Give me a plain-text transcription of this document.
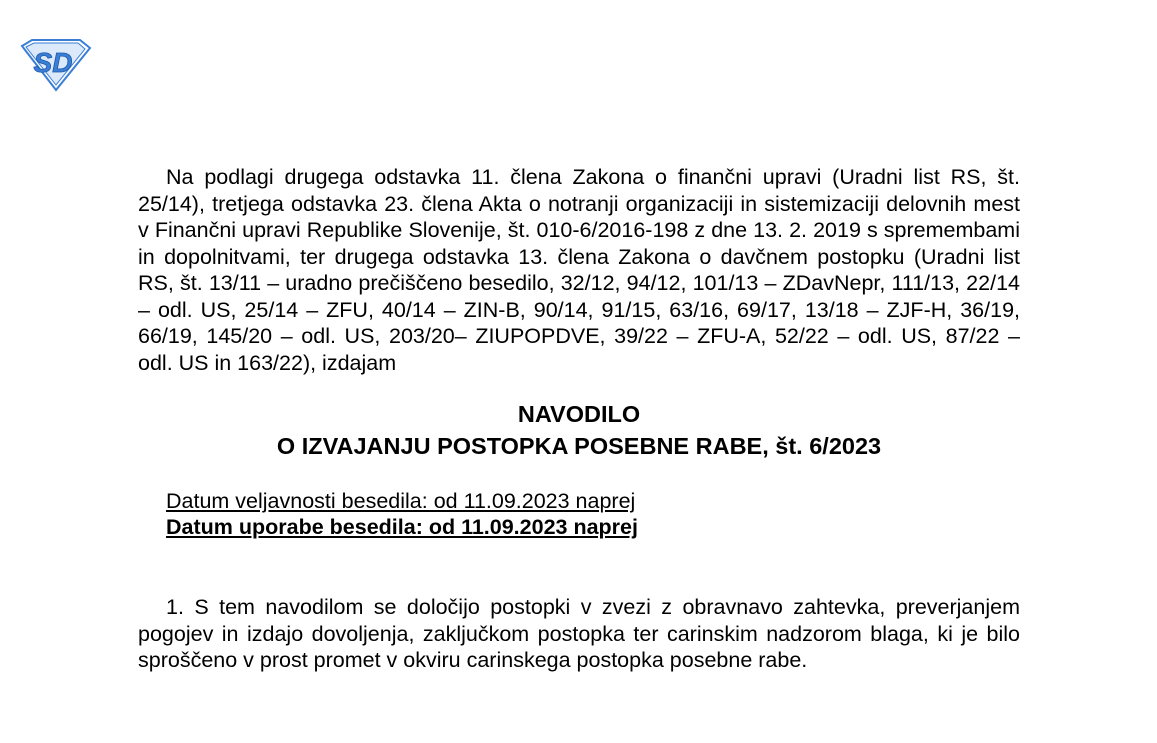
SD

Na podlagi drugega odstavka 11. člena Zakona o finančni upravi (Uradni list RS, št. 25/14), tretjega odstavka 23. člena Akta o notranji organizaciji in sistemizaciji delovnih mest v Finančni upravi Republike Slovenije, št. 010-6/2016-198 z dne 13. 2. 2019 s spremembami in dopolnitvami, ter drugega odstavka 13. člena Zakona o davčnem postopku (Uradni list RS, št. 13/11 – uradno prečiščeno besedilo, 32/12, 94/12, 101/13 – ZDavNepr, 111/13, 22/14 – odl. US, 25/14 – ZFU, 40/14 – ZIN-B, 90/14, 91/15, 63/16, 69/17, 13/18 – ZJF-H, 36/19, 66/19, 145/20 – odl. US, 203/20– ZIUPOPDVE, 39/22 – ZFU-A, 52/22 – odl. US, 87/22 – odl. US in 163/22), izdajam

NAVODILO
O IZVAJANJU POSTOPKA POSEBNE RABE, št. 6/2023
Datum veljavnosti besedila: od 11.09.2023 naprej
Datum uporabe besedila: od 11.09.2023 naprej

1. S tem navodilom se določijo postopki v zvezi z obravnavo zahtevka, preverjanjem pogojev in izdajo dovoljenja, zaključkom postopka ter carinskim nadzorom blaga, ki je bilo sproščeno v prost promet v okviru carinskega postopka posebne rabe.
